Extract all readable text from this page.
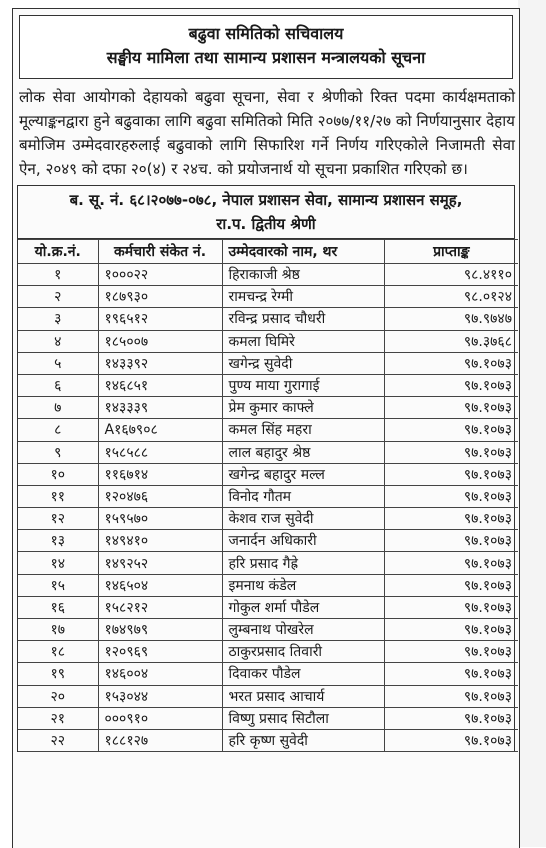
बढुवा समितिको सचिवालय
सङ्घीय मामिला तथा सामान्य प्रशासन मन्त्रालयको सूचना
लोक सेवा आयोगको देहायको बढुवा सूचना, सेवा र श्रेणीको रिक्त पदमा कार्यक्षमताको मूल्याङ्कनद्वारा हुने बढुवाका लागि बढुवा समितिको मिति २०७७/११/२७ को निर्णयानुसार देहाय बमोजिम उम्मेदवारहरुलाई बढुवाको लागि सिफारिश गर्ने निर्णय गरिएकोले निजामती सेवा ऐन, २०४९ को दफा २०(४) र २४च. को प्रयोजनार्थ यो सूचना प्रकाशित गरिएको छ।
ब. सू. नं. ६८।२०७७-०७८, नेपाल प्रशासन सेवा, सामान्य प्रशासन समूह,
रा.प. द्वितीय श्रेणी
यो.क्र.नं.	कर्मचारी संकेत नं.	उम्मेदवारको नाम, थर	प्राप्ताङ्क
१	१०००२२	हिराकाजी श्रेष्ठ	९८.४११०
२	१८७९३०	रामचन्द्र रेग्मी	९८.०१२४
३	१९६५१२	रविन्द्र प्रसाद चौधरी	९७.९७४७
४	१८५००७	कमला घिमिरे	९७.३७६८
५	१४३३९२	खगेन्द्र सुवेदी	९७.१०७३
६	१४६८५१	पुण्य माया गुरागाई	९७.१०७३
७	१४३३३९	प्रेम कुमार काफ्ले	९७.१०७३
८	A१६७९०८	कमल सिंह महरा	९७.१०७३
९	१५८५८८	लाल बहादुर श्रेष्ठ	९७.१०७३
१०	११६७१४	खगेन्द्र बहादुर मल्ल	९७.१०७३
११	१२०४७६	विनोद गौतम	९७.१०७३
१२	१५९५७०	केशव राज सुवेदी	९७.१०७३
१३	१४९४१०	जनार्दन अधिकारी	९७.१०७३
१४	१४९२५२	हरि प्रसाद गैह्रे	९७.१०७३
१५	१४६५०४	इमनाथ कंडेल	९७.१०७३
१६	१५८२१२	गोकुल शर्मा पौडेल	९७.१०७३
१७	१७४९७९	लुम्बनाथ पोखरेल	९७.१०७३
१८	१२०९६९	ठाकुरप्रसाद तिवारी	९७.१०७३
१९	१४६००४	दिवाकर पौडेल	९७.१०७३
२०	१५३०४४	भरत प्रसाद आचार्य	९७.१०७३
२१	०००९१०	विष्णु प्रसाद सिटौला	९७.१०७३
२२	१८८१२७	हरि कृष्ण सुवेदी	९७.१०७३
